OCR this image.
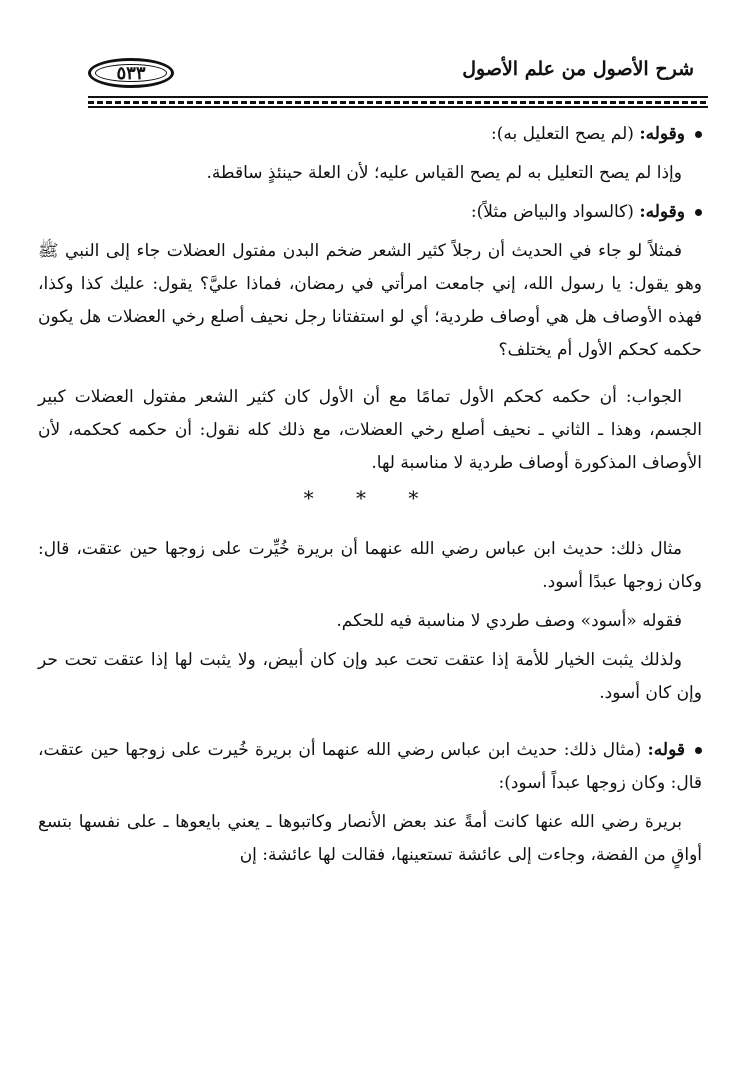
شرح الأصول من علم الأصول
٥٣٣

وقوله: (لم يصح التعليل به):

وإذا لم يصح التعليل به لم يصح القياس عليه؛ لأن العلة حينئذٍ ساقطة.

وقوله: (كالسواد والبياض مثلاً):

فمثلاً لو جاء في الحديث أن رجلاً كثير الشعر ضخم البدن مفتول العضلات جاء إلى النبي ﷺ وهو يقول: يا رسول الله، إني جامعت امرأتي في رمضان، فماذا عليَّ؟ يقول: عليك كذا وكذا، فهذه الأوصاف هل هي أوصاف طردية؛ أي لو استفتانا رجل نحيف أصلع رخي العضلات هل يكون حكمه كحكم الأول أم يختلف؟

الجواب: أن حكمه كحكم الأول تمامًا مع أن الأول كان كثير الشعر مفتول العضلات كبير الجسم، وهذا ـ الثاني ـ نحيف أصلع رخي العضلات، مع ذلك كله نقول: أن حكمه كحكمه، لأن الأوصاف المذكورة أوصاف طردية لا مناسبة لها.

* * *

مثال ذلك: حديث ابن عباس رضي الله عنهما أن بريرة خُيِّرت على زوجها حين عتقت، قال: وكان زوجها عبدًا أسود.

فقوله «أسود» وصف طردي لا مناسبة فيه للحكم.

ولذلك يثبت الخيار للأمة إذا عتقت تحت عبد وإن كان أبيض، ولا يثبت لها إذا عتقت تحت حر وإن كان أسود.

قوله: (مثال ذلك: حديث ابن عباس رضي الله عنهما أن بريرة خُيرت على زوجها حين عتقت، قال: وكان زوجها عبداً أسود):

بريرة رضي الله عنها كانت أمةً عند بعض الأنصار وكاتبوها ـ يعني بايعوها ـ على نفسها بتسع أواقٍ من الفضة، وجاءت إلى عائشة تستعينها، فقالت لها عائشة: إن
